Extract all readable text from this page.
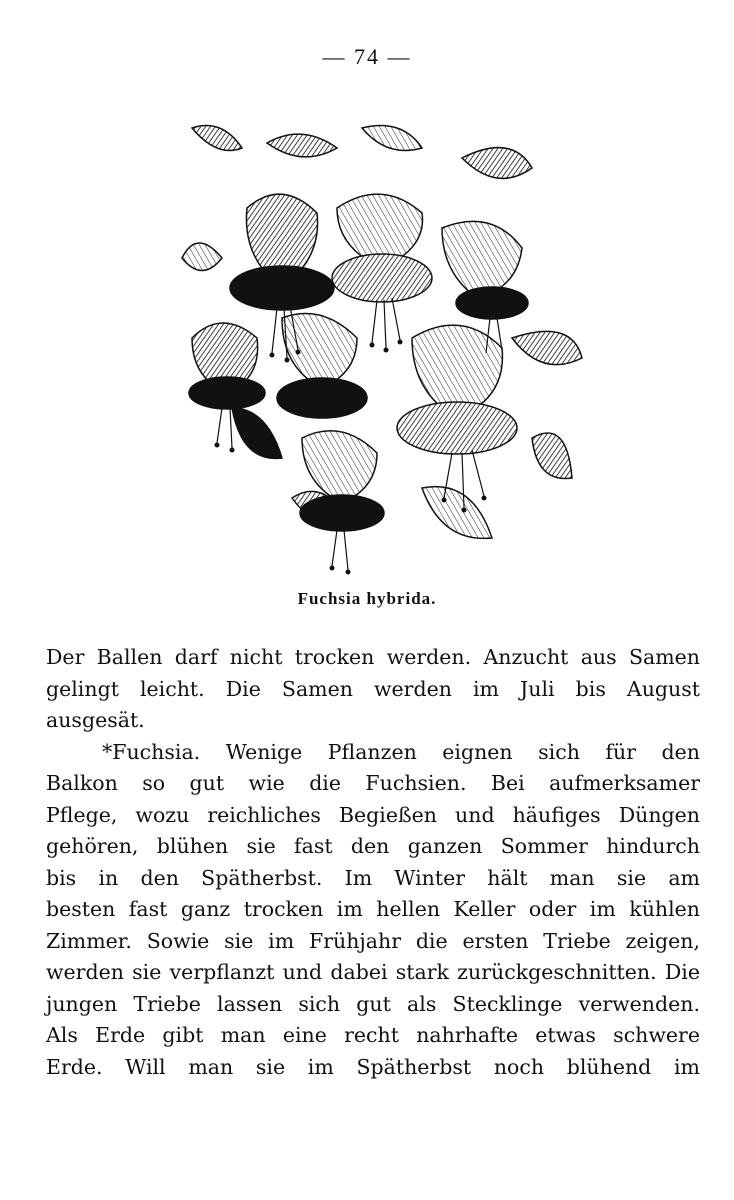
— 74 —
Fuchsia hybrida.
Der Ballen darf nicht trocken werden. Anzucht aus Samen
gelingt leicht. Die Samen werden im Juli bis August
ausgesät.
*Fuchsia. Wenige Pflanzen eignen sich für den
Balkon so gut wie die Fuchsien. Bei aufmerksamer
Pflege, wozu reichliches Begießen und häufiges Düngen
gehören, blühen sie fast den ganzen Sommer hindurch
bis in den Spätherbst. Im Winter hält man sie am
besten fast ganz trocken im hellen Keller oder im kühlen
Zimmer. Sowie sie im Frühjahr die ersten Triebe zeigen,
werden sie verpflanzt und dabei stark zurückgeschnitten. Die
jungen Triebe lassen sich gut als Stecklinge verwenden.
Als Erde gibt man eine recht nahrhafte etwas schwere
Erde. Will man sie im Spätherbst noch blühend im
